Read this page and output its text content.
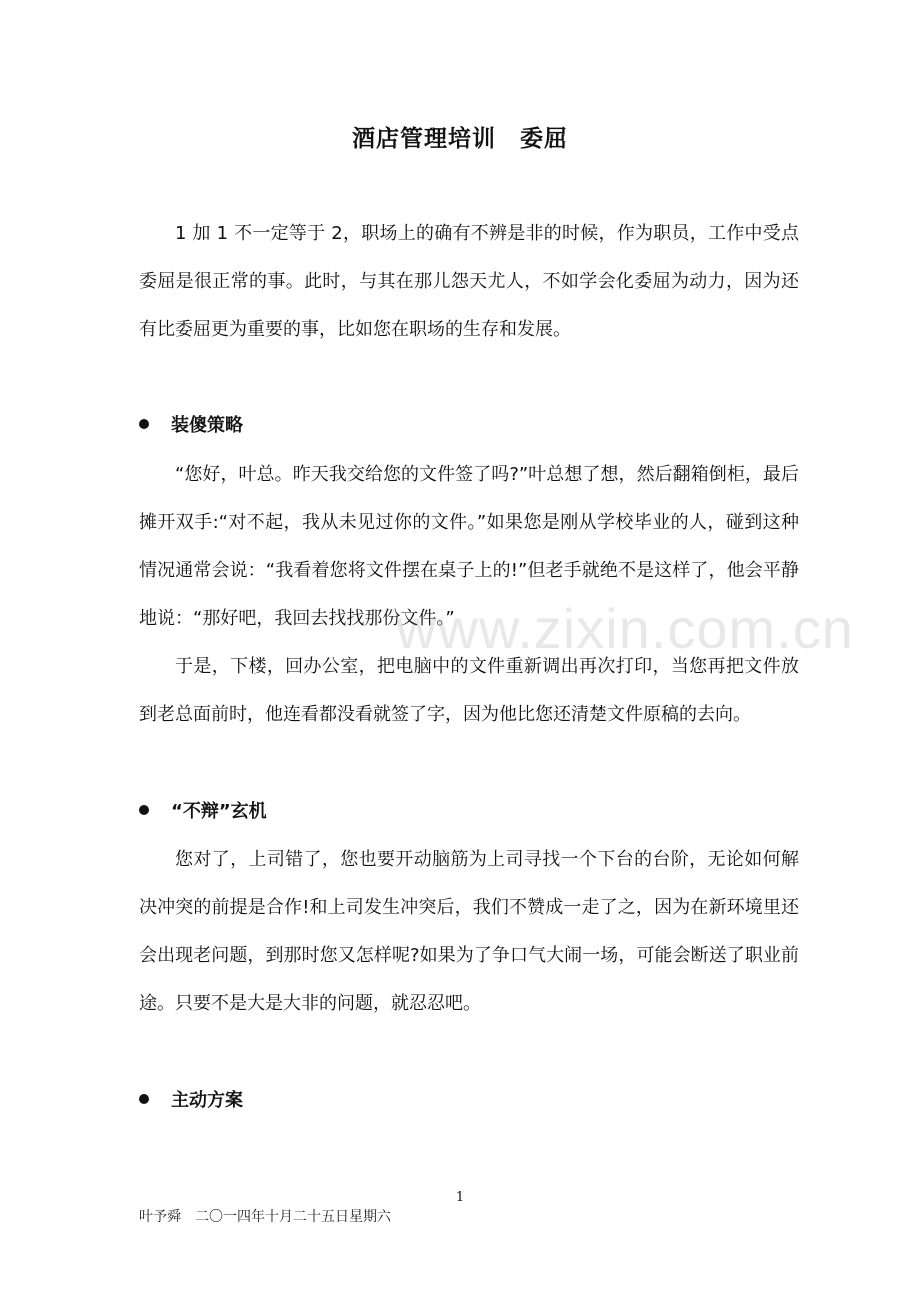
酒店管理培训 委屈

1 加 1 不一定等于 2，职场上的确有不辨是非的时候，作为职员，工作中受点委屈是很正常的事。此时，与其在那儿怨天尤人，不如学会化委屈为动力，因为还有比委屈更为重要的事，比如您在职场的生存和发展。

装傻策略

“您好，叶总。昨天我交给您的文件签了吗?”叶总想了想，然后翻箱倒柜，最后摊开双手:“对不起，我从未见过你的文件。”如果您是刚从学校毕业的人，碰到这种情况通常会说：“我看着您将文件摆在桌子上的!”但老手就绝不是这样了，他会平静地说：“那好吧，我回去找找那份文件。”

于是，下楼，回办公室，把电脑中的文件重新调出再次打印，当您再把文件放到老总面前时，他连看都没看就签了字，因为他比您还清楚文件原稿的去向。

“不辩”玄机

您对了，上司错了，您也要开动脑筋为上司寻找一个下台的台阶，无论如何解决冲突的前提是合作!和上司发生冲突后，我们不赞成一走了之，因为在新环境里还会出现老问题，到那时您又怎样呢?如果为了争口气大闹一场，可能会断送了职业前途。只要不是大是大非的问题，就忍忍吧。

主动方案
www.zixin.com.cn
1
叶予舜　二〇一四年十月二十五日星期六
